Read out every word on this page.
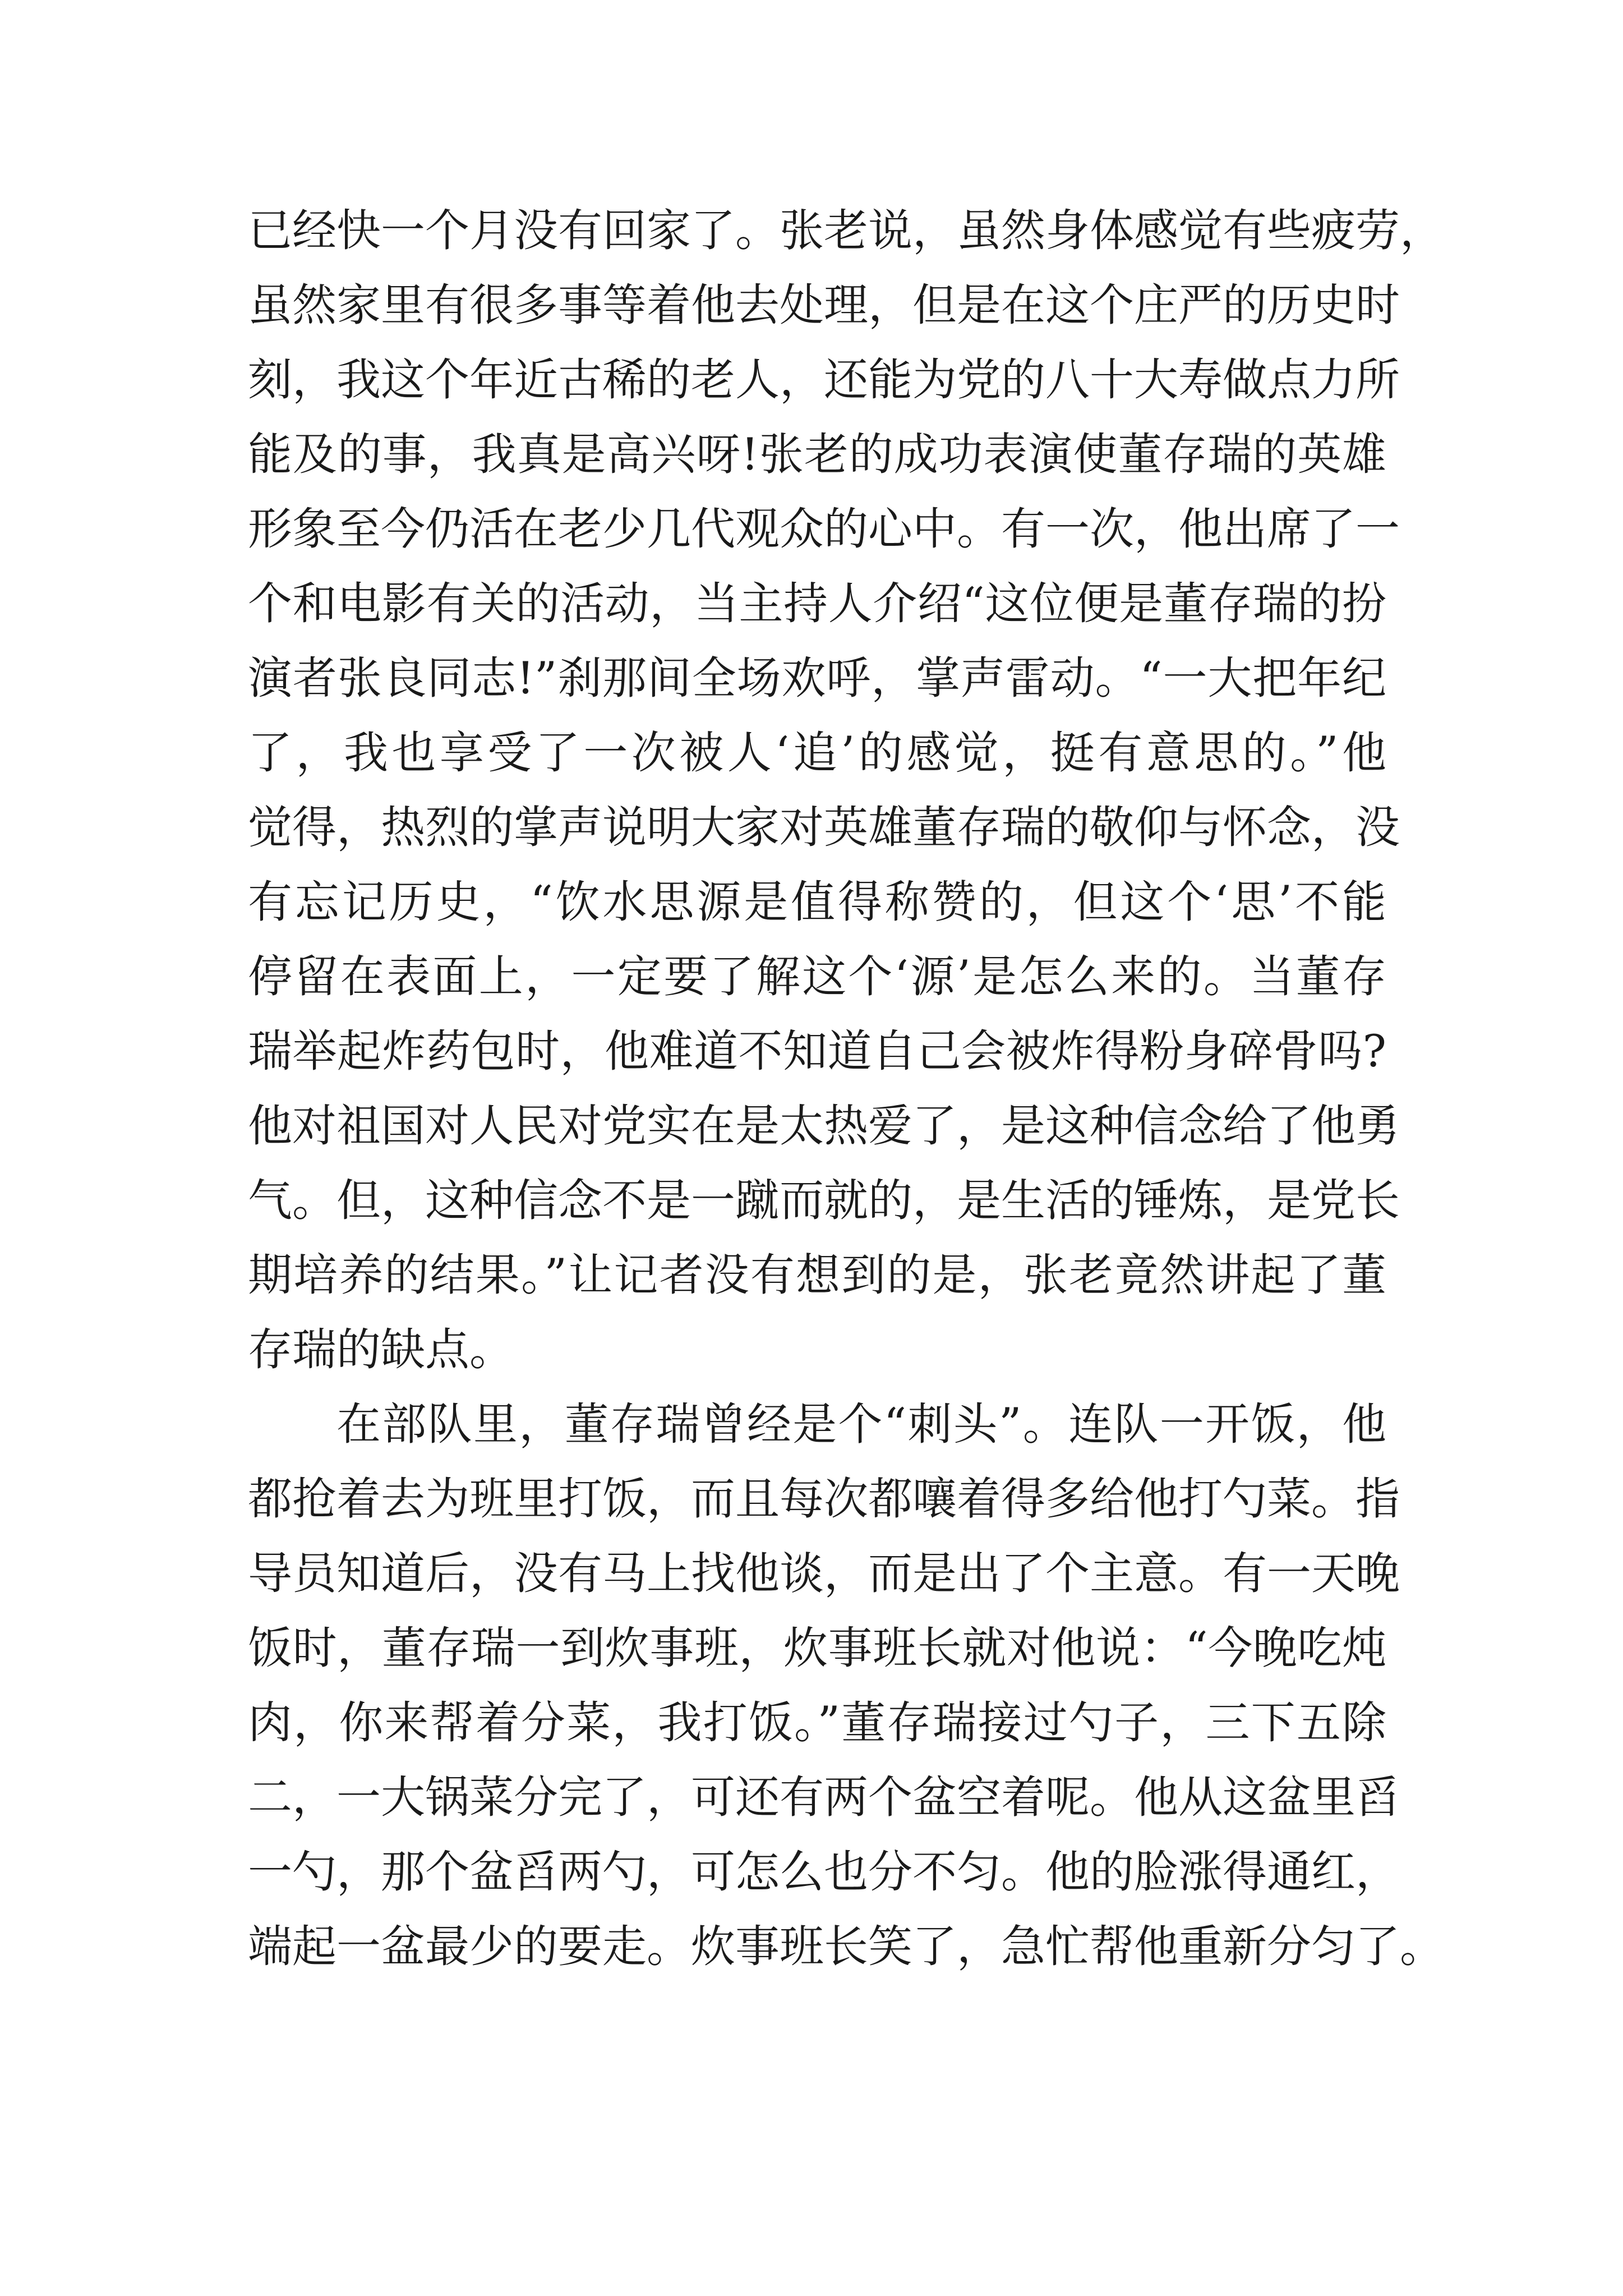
已经快一个月没有回家了。张老说，虽然身体感觉有些疲劳，
虽然家里有很多事等着他去处理，但是在这个庄严的历史时
刻，我这个年近古稀的老人，还能为党的八十大寿做点力所
能及的事，我真是高兴呀!张老的成功表演使董存瑞的英雄
形象至今仍活在老少几代观众的心中。有一次，他出席了一
个和电影有关的活动，当主持人介绍“这位便是董存瑞的扮
演者张良同志!”刹那间全场欢呼，掌声雷动。“一大把年纪
了，我也享受了一次被人‘追’的感觉，挺有意思的。”他
觉得，热烈的掌声说明大家对英雄董存瑞的敬仰与怀念，没
有忘记历史，“饮水思源是值得称赞的，但这个‘思’不能
停留在表面上，一定要了解这个‘源’是怎么来的。当董存
瑞举起炸药包时，他难道不知道自己会被炸得粉身碎骨吗?
他对祖国对人民对党实在是太热爱了，是这种信念给了他勇
气。但，这种信念不是一蹴而就的，是生活的锤炼，是党长
期培养的结果。”让记者没有想到的是，张老竟然讲起了董
存瑞的缺点。
在部队里，董存瑞曾经是个“刺头”。连队一开饭，他
都抢着去为班里打饭，而且每次都嚷着得多给他打勺菜。指
导员知道后，没有马上找他谈，而是出了个主意。有一天晚
饭时，董存瑞一到炊事班，炊事班长就对他说：“今晚吃炖
肉，你来帮着分菜，我打饭。”董存瑞接过勺子，三下五除
二，一大锅菜分完了，可还有两个盆空着呢。他从这盆里舀
一勺，那个盆舀两勺，可怎么也分不匀。他的脸涨得通红，
端起一盆最少的要走。炊事班长笑了，急忙帮他重新分匀了。
